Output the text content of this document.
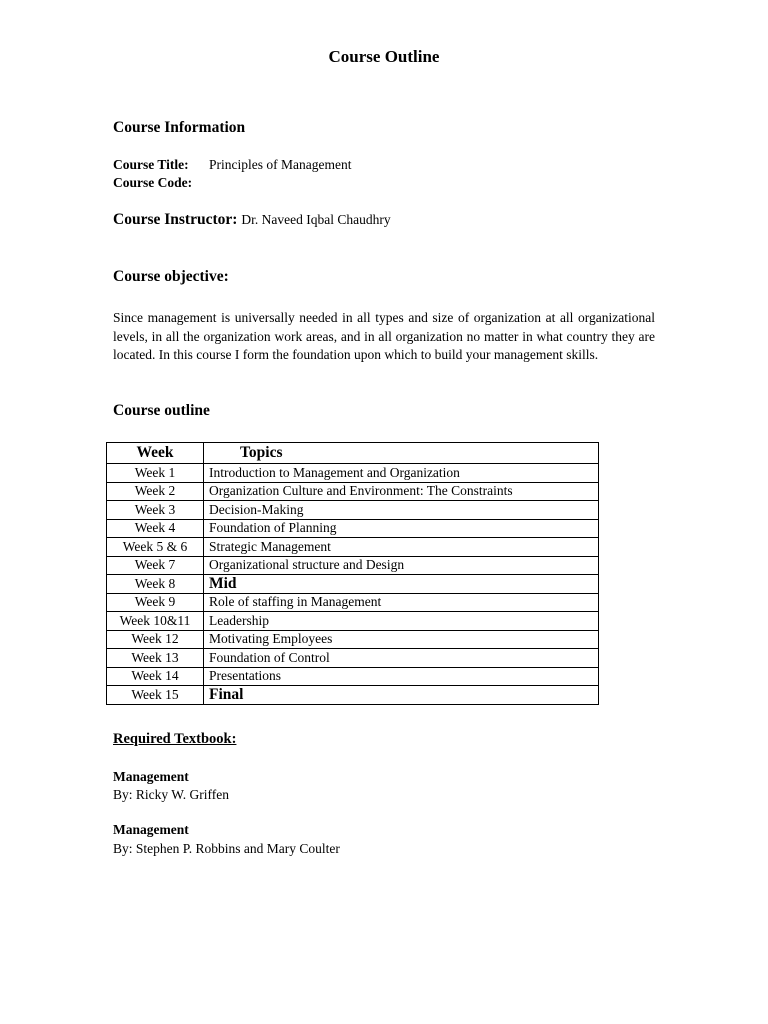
Course Outline
Course Information
Course Title: Principles of Management
Course Code:
Course Instructor: Dr. Naveed Iqbal Chaudhry
Course objective:

Since management is universally needed in all types and size of organization at all organizational levels, in all the organization work areas, and in all organization no matter in what country they are located. In this course I form the foundation upon which to build your management skills.

Course outline
Week	Topics
Week 1	Introduction to Management and Organization
Week 2	Organization Culture and Environment: The Constraints
Week 3	Decision-Making
Week 4	Foundation of Planning
Week 5 & 6	Strategic Management
Week 7	Organizational structure and Design
Week 8	Mid
Week 9	Role of staffing in Management
Week 10&11	Leadership
Week 12	Motivating Employees
Week 13	Foundation of Control
Week 14	Presentations
Week 15	Final
Required Textbook:
Management
By: Ricky W. Griffen
Management
By: Stephen P. Robbins and Mary Coulter
